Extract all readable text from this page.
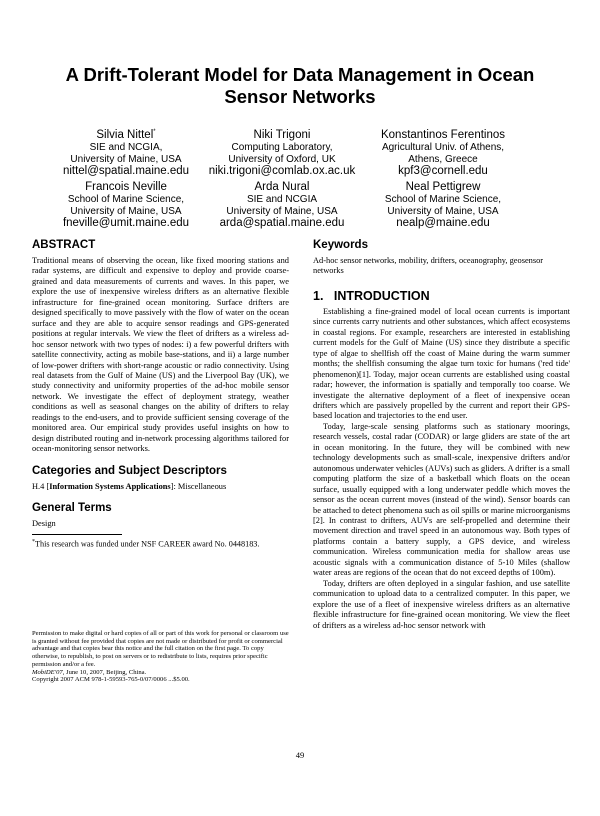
A Drift-Tolerant Model for Data Management in Ocean Sensor Networks
Silvia Nittel*
SIE and NCGIA,
University of Maine, USA
nittel@spatial.maine.edu
Niki Trigoni
Computing Laboratory,
University of Oxford, UK
niki.trigoni@comlab.ox.ac.uk
Konstantinos Ferentinos
Agricultural Univ. of Athens,
Athens, Greece
kpf3@cornell.edu
Francois Neville
School of Marine Science,
University of Maine, USA
fneville@umit.maine.edu
Arda Nural
SIE and NCGIA
University of Maine, USA
arda@spatial.maine.edu
Neal Pettigrew
School of Marine Science,
University of Maine, USA
nealp@maine.edu
ABSTRACT

Traditional means of observing the ocean, like fixed mooring stations and radar systems, are difficult and expensive to deploy and provide coarse-grained and data measurements of currents and waves. In this paper, we explore the use of inexpensive wireless drifters as an alternative flexible infrastructure for fine-grained ocean monitoring. Surface drifters are designed specifically to move passively with the flow of water on the ocean surface and they are able to acquire sensor readings and GPS-generated positions at regular intervals. We view the fleet of drifters as a wireless ad-hoc sensor network with two types of nodes: i) a few powerful drifters with satellite connectivity, acting as mobile base-stations, and ii) a large number of low-power drifters with short-range acoustic or radio connectivity. Using real datasets from the Gulf of Maine (US) and the Liverpool Bay (UK), we study connectivity and uniformity properties of the ad-hoc mobile sensor network. We investigate the effect of deployment strategy, weather conditions as well as seasonal changes on the ability of drifters to relay readings to the end-users, and to provide sufficient sensing coverage of the monitored area. Our empirical study provides useful insights on how to design distributed routing and in-network processing algorithms tailored for ocean-monitoring sensor networks.

Categories and Subject Descriptors

H.4 [Information Systems Applications]: Miscellaneous

General Terms

Design

*This research was funded under NSF CAREER award No. 0448183.

Permission to make digital or hard copies of all or part of this work for personal or classroom use is granted without fee provided that copies are not made or distributed for profit or commercial advantage and that copies bear this notice and the full citation on the first page. To copy otherwise, to republish, to post on servers or to redistribute to lists, requires prior specific permission and/or a fee.

MobiDE'07, June 10, 2007, Beijing, China.

Copyright 2007 ACM 978-1-59593-765-0/07/0006 ...$5.00.

Keywords

Ad-hoc sensor networks, mobility, drifters, oceanography, geosensor networks

1.   INTRODUCTION

Establishing a fine-grained model of local ocean currents is important since currents carry nutrients and other substances, which affect ecosystems in coastal regions. For example, researchers are interested in establishing current models for the Gulf of Maine (US) since they distribute a specific type of algae to shellfish off the coast of Maine during the warm summer months; the shellfish consuming the algae turn toxic for humans ('red tide' phenomenon)[1]. Today, major ocean currents are established using coastal radar; however, the information is spatially and temporally too coarse. We investigate the alternative deployment of a fleet of inexpensive ocean drifters which are passively propelled by the current and report their GPS-based location and trajectories to the end user.

Today, large-scale sensing platforms such as stationary moorings, research vessels, costal radar (CODAR) or large gliders are state of the art in ocean monitoring. In the future, they will be combined with new technology developments such as small-scale, inexpensive drifters and/or autonomous underwater vehicles (AUVs) such as gliders. A drifter is a small computing platform the size of a basketball which floats on the ocean surface, usually equipped with a long underwater peddle which moves the sensor as the ocean current moves (instead of the wind). Sensor boards can be attached to detect phenomena such as oil spills or marine microorganisms [2]. In contrast to drifters, AUVs are self-propelled and determine their movement direction and travel speed in an autonomous way. Both types of platforms contain a battery supply, a GPS device, and wireless communication. Wireless communication media for shallow areas use acoustic signals with a communication distance of 5-10 Miles (shallow water areas are regions of the ocean that do not exceed depths of 100m).

Today, drifters are often deployed in a singular fashion, and use satellite communication to upload data to a centralized computer. In this paper, we explore the use of a fleet of inexpensive wireless drifters as an alternative flexible infrastructure for fine-grained ocean monitoring. We view the fleet of drifters as a wireless ad-hoc sensor network with

49
